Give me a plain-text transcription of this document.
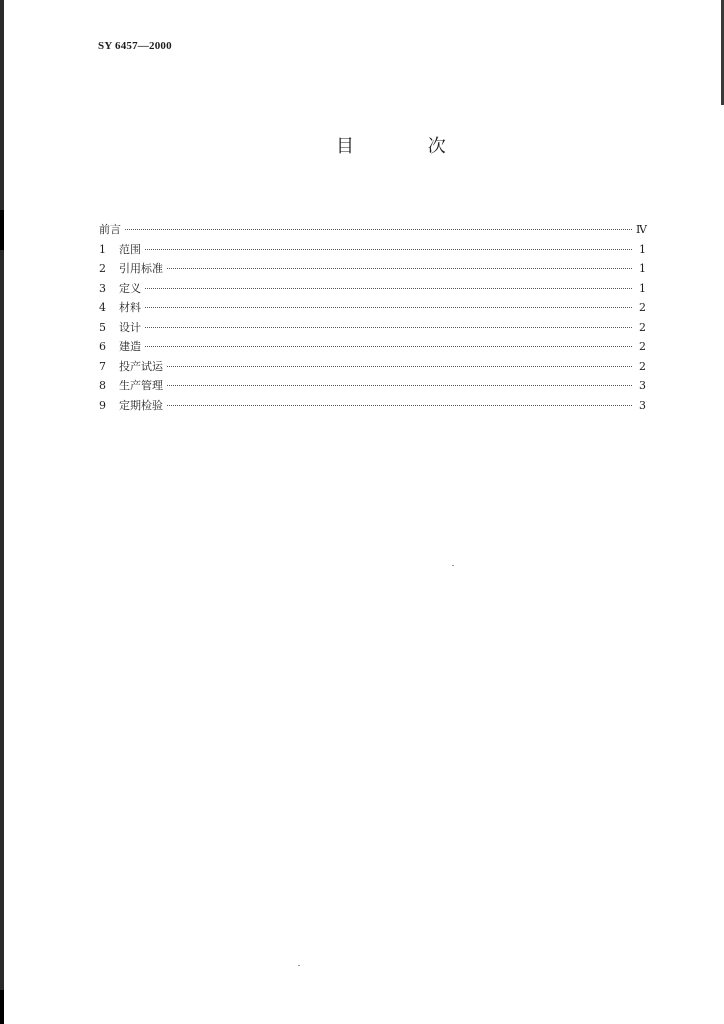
SY 6457—2000
目 次
前言	Ⅳ
1	范围	1
2	引用标准	1
3	定义	1
4	材料	2
5	设计	2
6	建造	2
7	投产试运	2
8	生产管理	3
9	定期检验	3
